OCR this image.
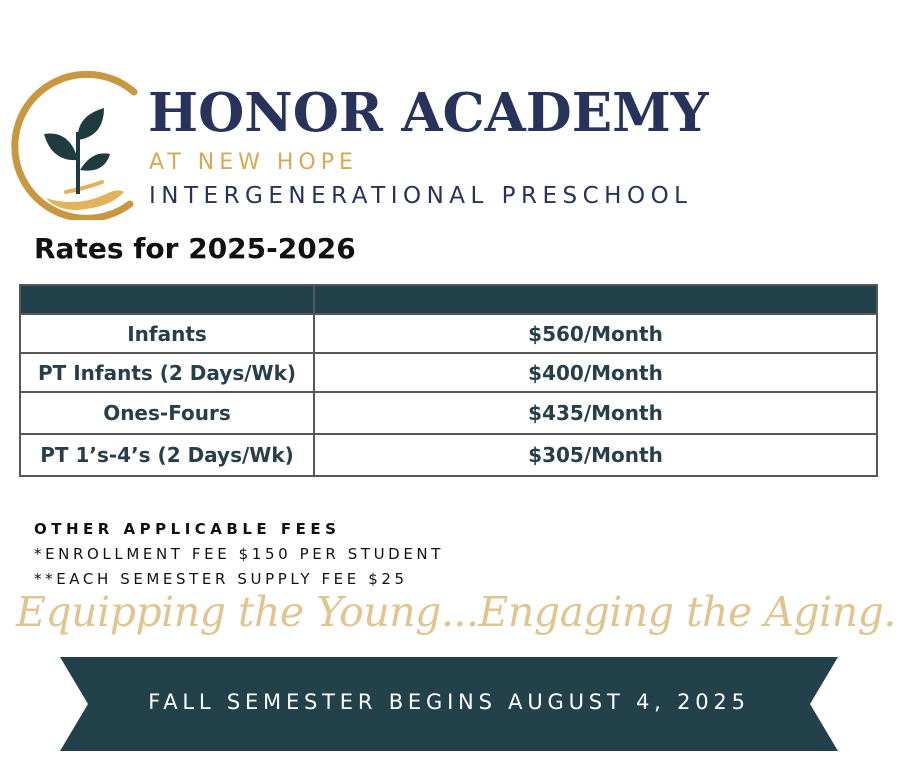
HONOR ACADEMY
AT NEW HOPE
INTERGENERATIONAL PRESCHOOL
Rates for 2025-2026

Infants	$560/Month
PT Infants (2 Days/Wk)	$400/Month
Ones-Fours	$435/Month
PT 1’s-4’s (2 Days/Wk)	$305/Month
OTHER APPLICABLE FEES
*ENROLLMENT FEE $150 PER STUDENT
**EACH SEMESTER SUPPLY FEE $25
Equipping the Young...Engaging the Aging.
FALL SEMESTER BEGINS AUGUST 4, 2025
